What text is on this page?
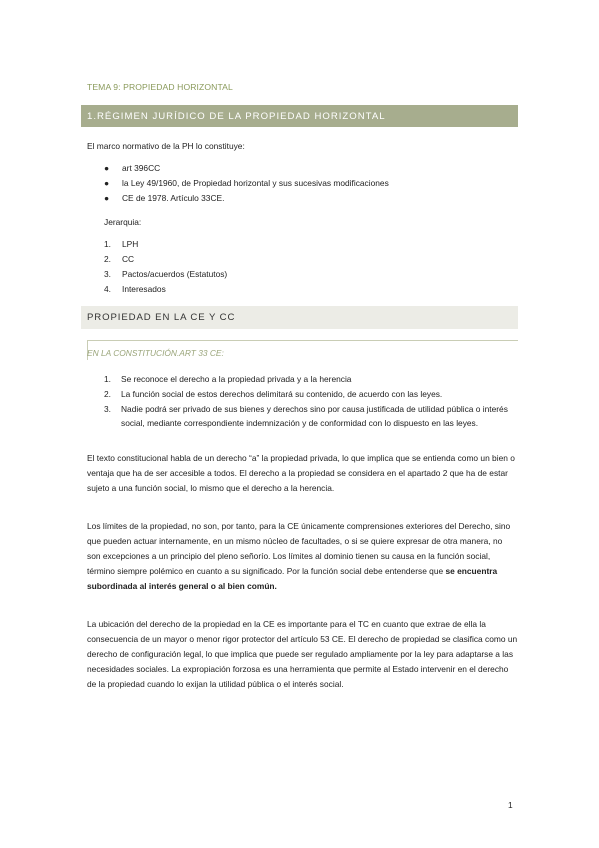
TEMA 9: PROPIEDAD HORIZONTAL
1.RÉGIMEN JURÍDICO DE LA PROPIEDAD HORIZONTAL
El marco normativo de la PH lo constituye:
● art 396CC
● la Ley 49/1960, de Propiedad horizontal y sus sucesivas modificaciones
● CE de 1978. Artículo 33CE.
Jerarquia:
1. LPH
2. CC
3. Pactos/acuerdos (Estatutos)
4. Interesados
PROPIEDAD EN LA CE Y CC
EN LA CONSTITUCIÓN.ART 33 CE:
1. Se reconoce el derecho a la propiedad privada y a la herencia
2. La función social de estos derechos delimitará su contenido, de acuerdo con las leyes.
3. Nadie podrá ser privado de sus bienes y derechos sino por causa justificada de utilidad pública o interés social, mediante correspondiente indemnización y de conformidad con lo dispuesto en las leyes.
El texto constitucional habla de un derecho “a” la propiedad privada, lo que implica que se entienda como un bien o ventaja que ha de ser accesible a todos. El derecho a la propiedad se considera en el apartado 2 que ha de estar sujeto a una función social, lo mismo que el derecho a la herencia.
Los límites de la propiedad, no son, por tanto, para la CE únicamente comprensiones exteriores del Derecho, sino que pueden actuar internamente, en un mismo núcleo de facultades, o si se quiere expresar de otra manera, no son excepciones a un principio del pleno señorío. Los límites al dominio tienen su causa en la función social, término siempre polémico en cuanto a su significado. Por la función social debe entenderse que se encuentra subordinada al interés general o al bien común.
La ubicación del derecho de la propiedad en la CE es importante para el TC en cuanto que extrae de ella la consecuencia de un mayor o menor rigor protector del artículo 53 CE. El derecho de propiedad se clasifica como un derecho de configuración legal, lo que implica que puede ser regulado ampliamente por la ley para adaptarse a las necesidades sociales. La expropiación forzosa es una herramienta que permite al Estado intervenir en el derecho de la propiedad cuando lo exijan la utilidad pública o el interés social.
1
